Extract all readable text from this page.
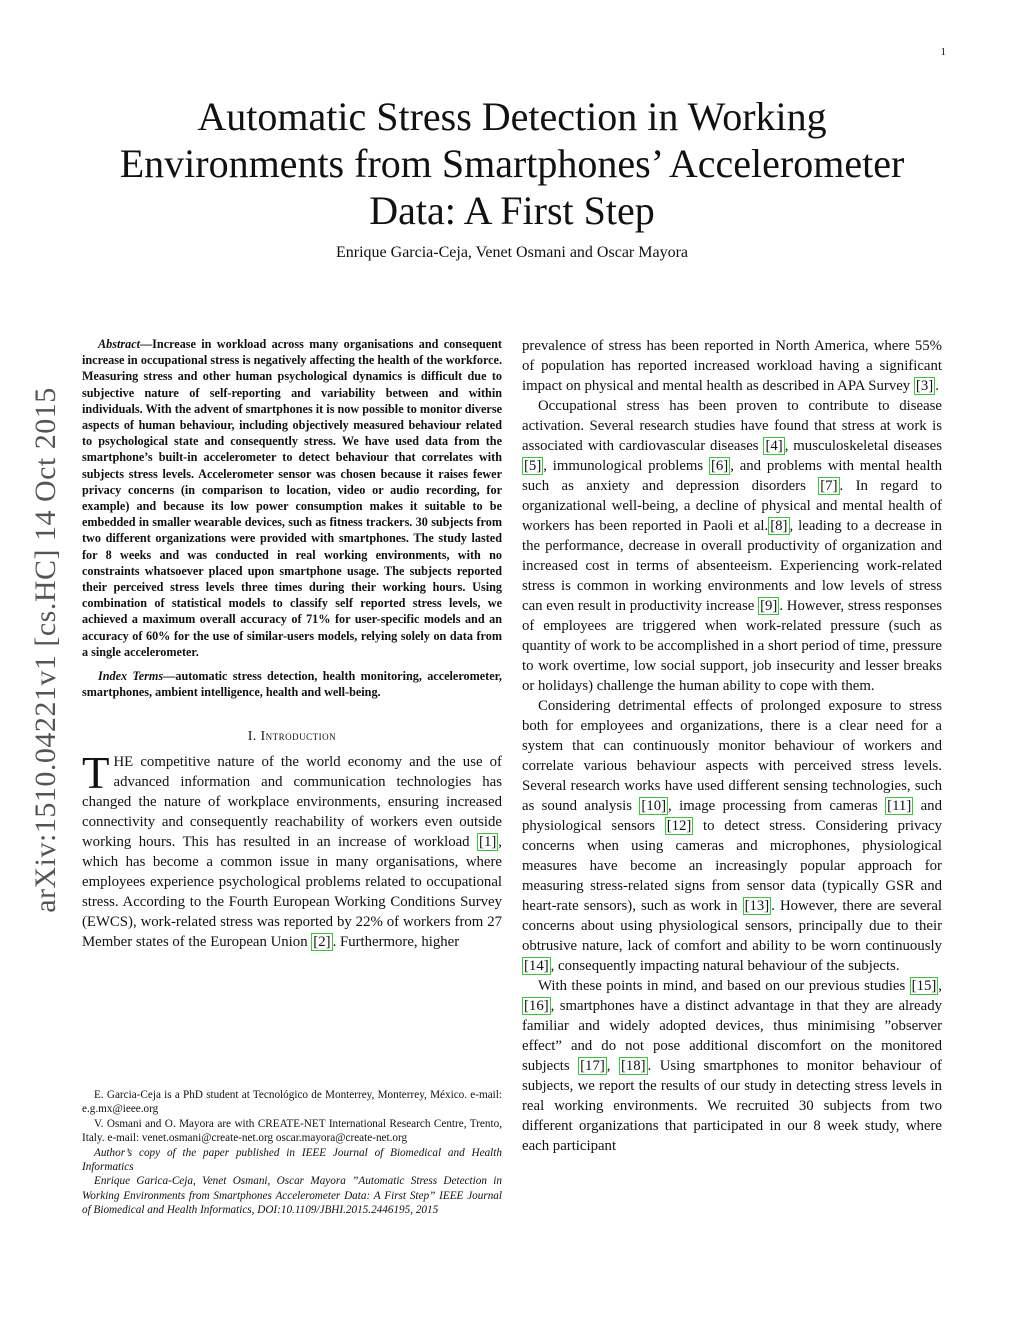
1
arXiv:1510.04221v1 [cs.HC] 14 Oct 2015
Automatic Stress Detection in Working Environments from Smartphones’ Accelerometer Data: A First Step
Enrique Garcia-Ceja, Venet Osmani and Oscar Mayora

Abstract—Increase in workload across many organisations and consequent increase in occupational stress is negatively affecting the health of the workforce. Measuring stress and other human psychological dynamics is difficult due to subjective nature of self-reporting and variability between and within individuals. With the advent of smartphones it is now possible to monitor diverse aspects of human behaviour, including objectively measured behaviour related to psychological state and consequently stress. We have used data from the smartphone’s built-in accelerometer to detect behaviour that correlates with subjects stress levels. Accelerometer sensor was chosen because it raises fewer privacy concerns (in comparison to location, video or audio recording, for example) and because its low power consumption makes it suitable to be embedded in smaller wearable devices, such as fitness trackers. 30 subjects from two different organizations were provided with smartphones. The study lasted for 8 weeks and was conducted in real working environments, with no constraints whatsoever placed upon smartphone usage. The subjects reported their perceived stress levels three times during their working hours. Using combination of statistical models to classify self reported stress levels, we achieved a maximum overall accuracy of 71% for user-specific models and an accuracy of 60% for the use of similar-users models, relying solely on data from a single accelerometer.

Index Terms—automatic stress detection, health monitoring, accelerometer, smartphones, ambient intelligence, health and well-being.

I. Introduction

THE competitive nature of the world economy and the use of advanced information and communication technologies has changed the nature of workplace environments, ensuring increased connectivity and consequently reachability of workers even outside working hours. This has resulted in an increase of workload [1] , which has become a common issue in many organisations, where employees experience psychological problems related to occupational stress. According to the Fourth European Working Conditions Survey (EWCS), work-related stress was reported by 22% of workers from 27 Member states of the European Union [2] . Furthermore, higher

E. Garcia-Ceja is a PhD student at Tecnológico de Monterrey, Monterrey, México. e-mail: e.g.mx@ieee.org

V. Osmani and O. Mayora are with CREATE-NET International Research Centre, Trento, Italy. e-mail: venet.osmani@create-net.org oscar.mayora@create-net.org

Author’s copy of the paper published in IEEE Journal of Biomedical and Health Informatics

Enrique Garica-Ceja, Venet Osmani, Oscar Mayora ”Automatic Stress Detection in Working Environments from Smartphones Accelerometer Data: A First Step” IEEE Journal of Biomedical and Health Informatics, DOI:10.1109/JBHI.2015.2446195, 2015

prevalence of stress has been reported in North America, where 55% of population has reported increased workload having a significant impact on physical and mental health as described in APA Survey [3] .

Occupational stress has been proven to contribute to disease activation. Several research studies have found that stress at work is associated with cardiovascular diseases [4] , musculoskeletal diseases [5] , immunological problems [6] , and problems with mental health such as anxiety and depression disorders [7] . In regard to organizational well-being, a decline of physical and mental health of workers has been reported in Paoli et al. [8] , leading to a decrease in the performance, decrease in overall productivity of organization and increased cost in terms of absenteeism. Experiencing work-related stress is common in working environments and low levels of stress can even result in productivity increase [9] . However, stress responses of employees are triggered when work-related pressure (such as quantity of work to be accomplished in a short period of time, pressure to work overtime, low social support, job insecurity and lesser breaks or holidays) challenge the human ability to cope with them.

Considering detrimental effects of prolonged exposure to stress both for employees and organizations, there is a clear need for a system that can continuously monitor behaviour of workers and correlate various behaviour aspects with perceived stress levels. Several research works have used different sensing technologies, such as sound analysis [10] , image processing from cameras [11] and physiological sensors [12] to detect stress. Considering privacy concerns when using cameras and microphones, physiological measures have become an increasingly popular approach for measuring stress-related signs from sensor data (typically GSR and heart-rate sensors), such as work in [13] . However, there are several concerns about using physiological sensors, principally due to their obtrusive nature, lack of comfort and ability to be worn continuously [14] , consequently impacting natural behaviour of the subjects.

With these points in mind, and based on our previous studies [15] , [16] , smartphones have a distinct advantage in that they are already familiar and widely adopted devices, thus minimising ”observer effect” and do not pose additional discomfort on the monitored subjects [17] , [18] . Using smartphones to monitor behaviour of subjects, we report the results of our study in detecting stress levels in real working environments. We recruited 30 subjects from two different organizations that participated in our 8 week study, where each participant
